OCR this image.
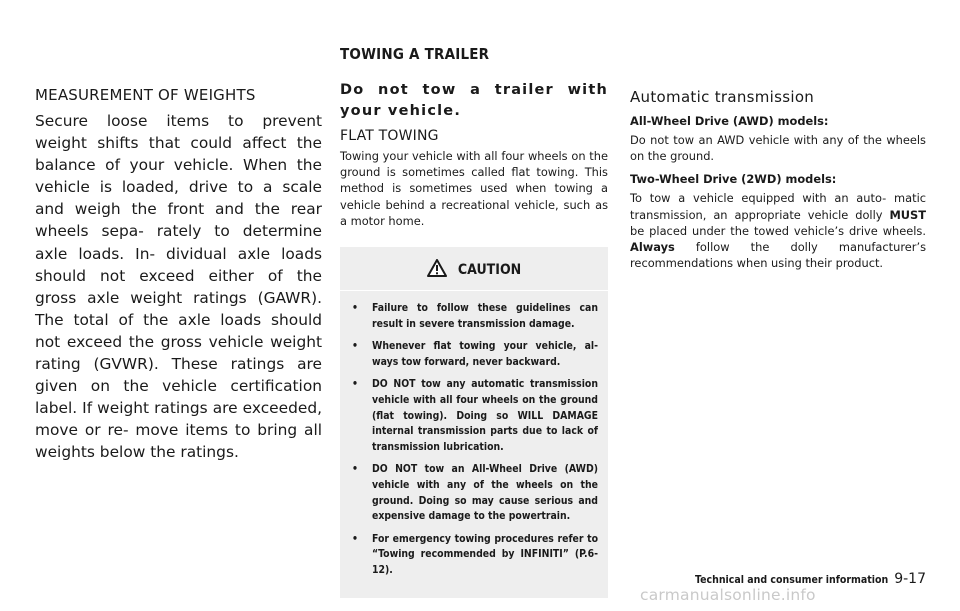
TOWING A TRAILER
MEASUREMENT OF WEIGHTS

Secure loose items to prevent weight shifts that could affect the balance of your vehicle. When the vehicle is loaded, drive to a scale and weigh the front and the rear wheels sepa- rately to determine axle loads. In- dividual axle loads should not exceed either of the gross axle weight ratings (GAWR). The total of the axle loads should not exceed the gross vehicle weight rating (GVWR). These ratings are given on the vehicle certification label. If weight ratings are exceeded, move or re- move items to bring all weights below the ratings.

Do not tow a trailer with your vehicle.

FLAT TOWING

Towing your vehicle with all four wheels on the ground is sometimes called flat towing. This method is sometimes used when towing a vehicle behind a recreational vehicle, such as a motor home.

CAUTION
• Failure to follow these guidelines can result in severe transmission damage.
• Whenever flat towing your vehicle, al- ways tow forward, never backward.
• DO NOT tow any automatic transmission vehicle with all four wheels on the ground (flat towing). Doing so WILL DAMAGE internal transmission parts due to lack of transmission lubrication.
• DO NOT tow an All-Wheel Drive (AWD) vehicle with any of the wheels on the ground. Doing so may cause serious and expensive damage to the powertrain.
• For emergency towing procedures refer to “Towing recommended by INFINITI” (P.6-12).
Automatic transmission
All-Wheel Drive (AWD) models:

Do not tow an AWD vehicle with any of the wheels on the ground.

Two-Wheel Drive (2WD) models:

To tow a vehicle equipped with an auto- matic transmission, an appropriate vehicle dolly MUST be placed under the towed vehicle’s drive wheels. Always follow the dolly manufacturer’s recommendations when using their product.

Technical and consumer information 9-17
carmanualsonline.info
